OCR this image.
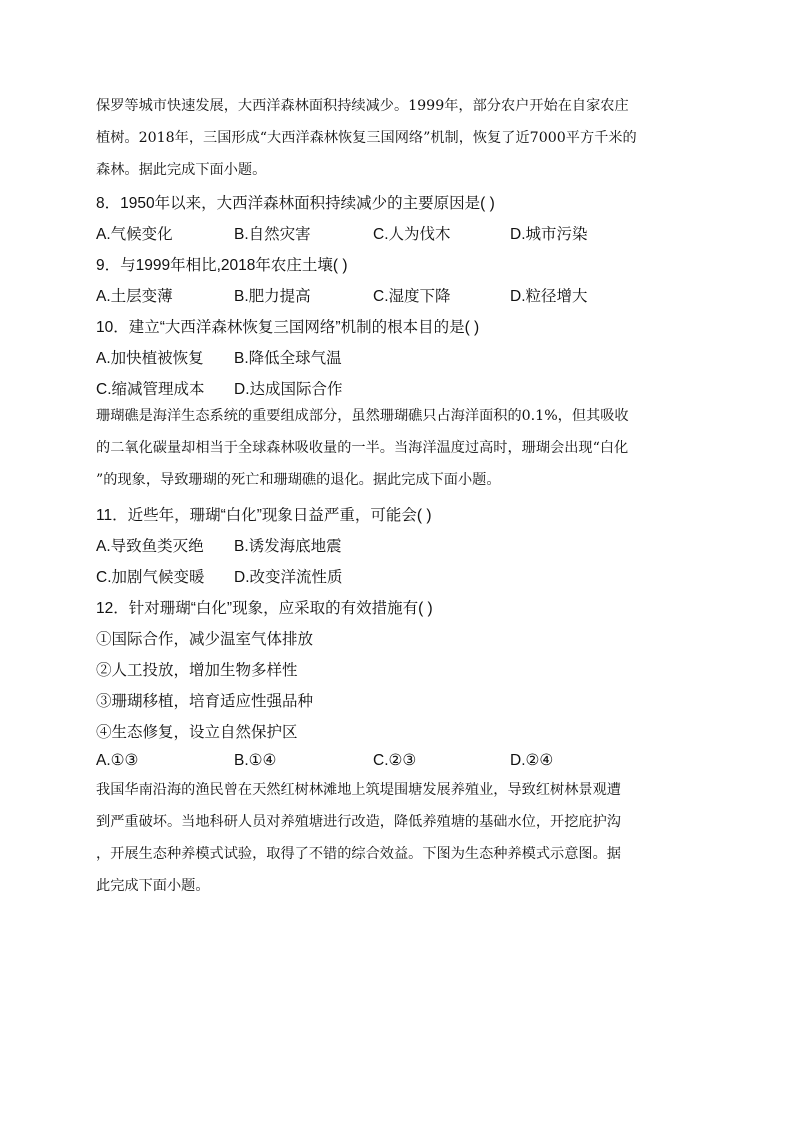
保罗等城市快速发展，大西洋森林面积持续减少。1999年，部分农户开始在自家农庄
植树。2018年，三国形成“大西洋森林恢复三国网络”机制，恢复了近7000平方千米的
森林。据此完成下面小题。
8．1950年以来，大西洋森林面积持续减少的主要原因是( )
A.气候变化	B.自然灾害	C.人为伐木	D.城市污染
9．与1999年相比,2018年农庄土壤( )
A.土层变薄	B.肥力提高	C.湿度下降	D.粒径增大
10．建立“大西洋森林恢复三国网络”机制的根本目的是( )
A.加快植被恢复 B.降低全球气温
C.缩减管理成本 D.达成国际合作
珊瑚礁是海洋生态系统的重要组成部分，虽然珊瑚礁只占海洋面积的0.1%，但其吸收
的二氧化碳量却相当于全球森林吸收量的一半。当海洋温度过高时，珊瑚会出现“白化
”的现象，导致珊瑚的死亡和珊瑚礁的退化。据此完成下面小题。
11．近些年，珊瑚“白化”现象日益严重，可能会( )
A.导致鱼类灭绝 B.诱发海底地震
C.加剧气候变暖 D.改变洋流性质
12．针对珊瑚“白化”现象，应采取的有效措施有( )
①国际合作，减少温室气体排放
②人工投放，增加生物多样性
③珊瑚移植，培育适应性强品种
④生态修复，设立自然保护区
A.①③	B.①④	C.②③	D.②④
我国华南沿海的渔民曾在天然红树林滩地上筑堤围塘发展养殖业，导致红树林景观遭
到严重破坏。当地科研人员对养殖塘进行改造，降低养殖塘的基础水位，开挖庇护沟
，开展生态种养模式试验，取得了不错的综合效益。下图为生态种养模式示意图。据
此完成下面小题。
